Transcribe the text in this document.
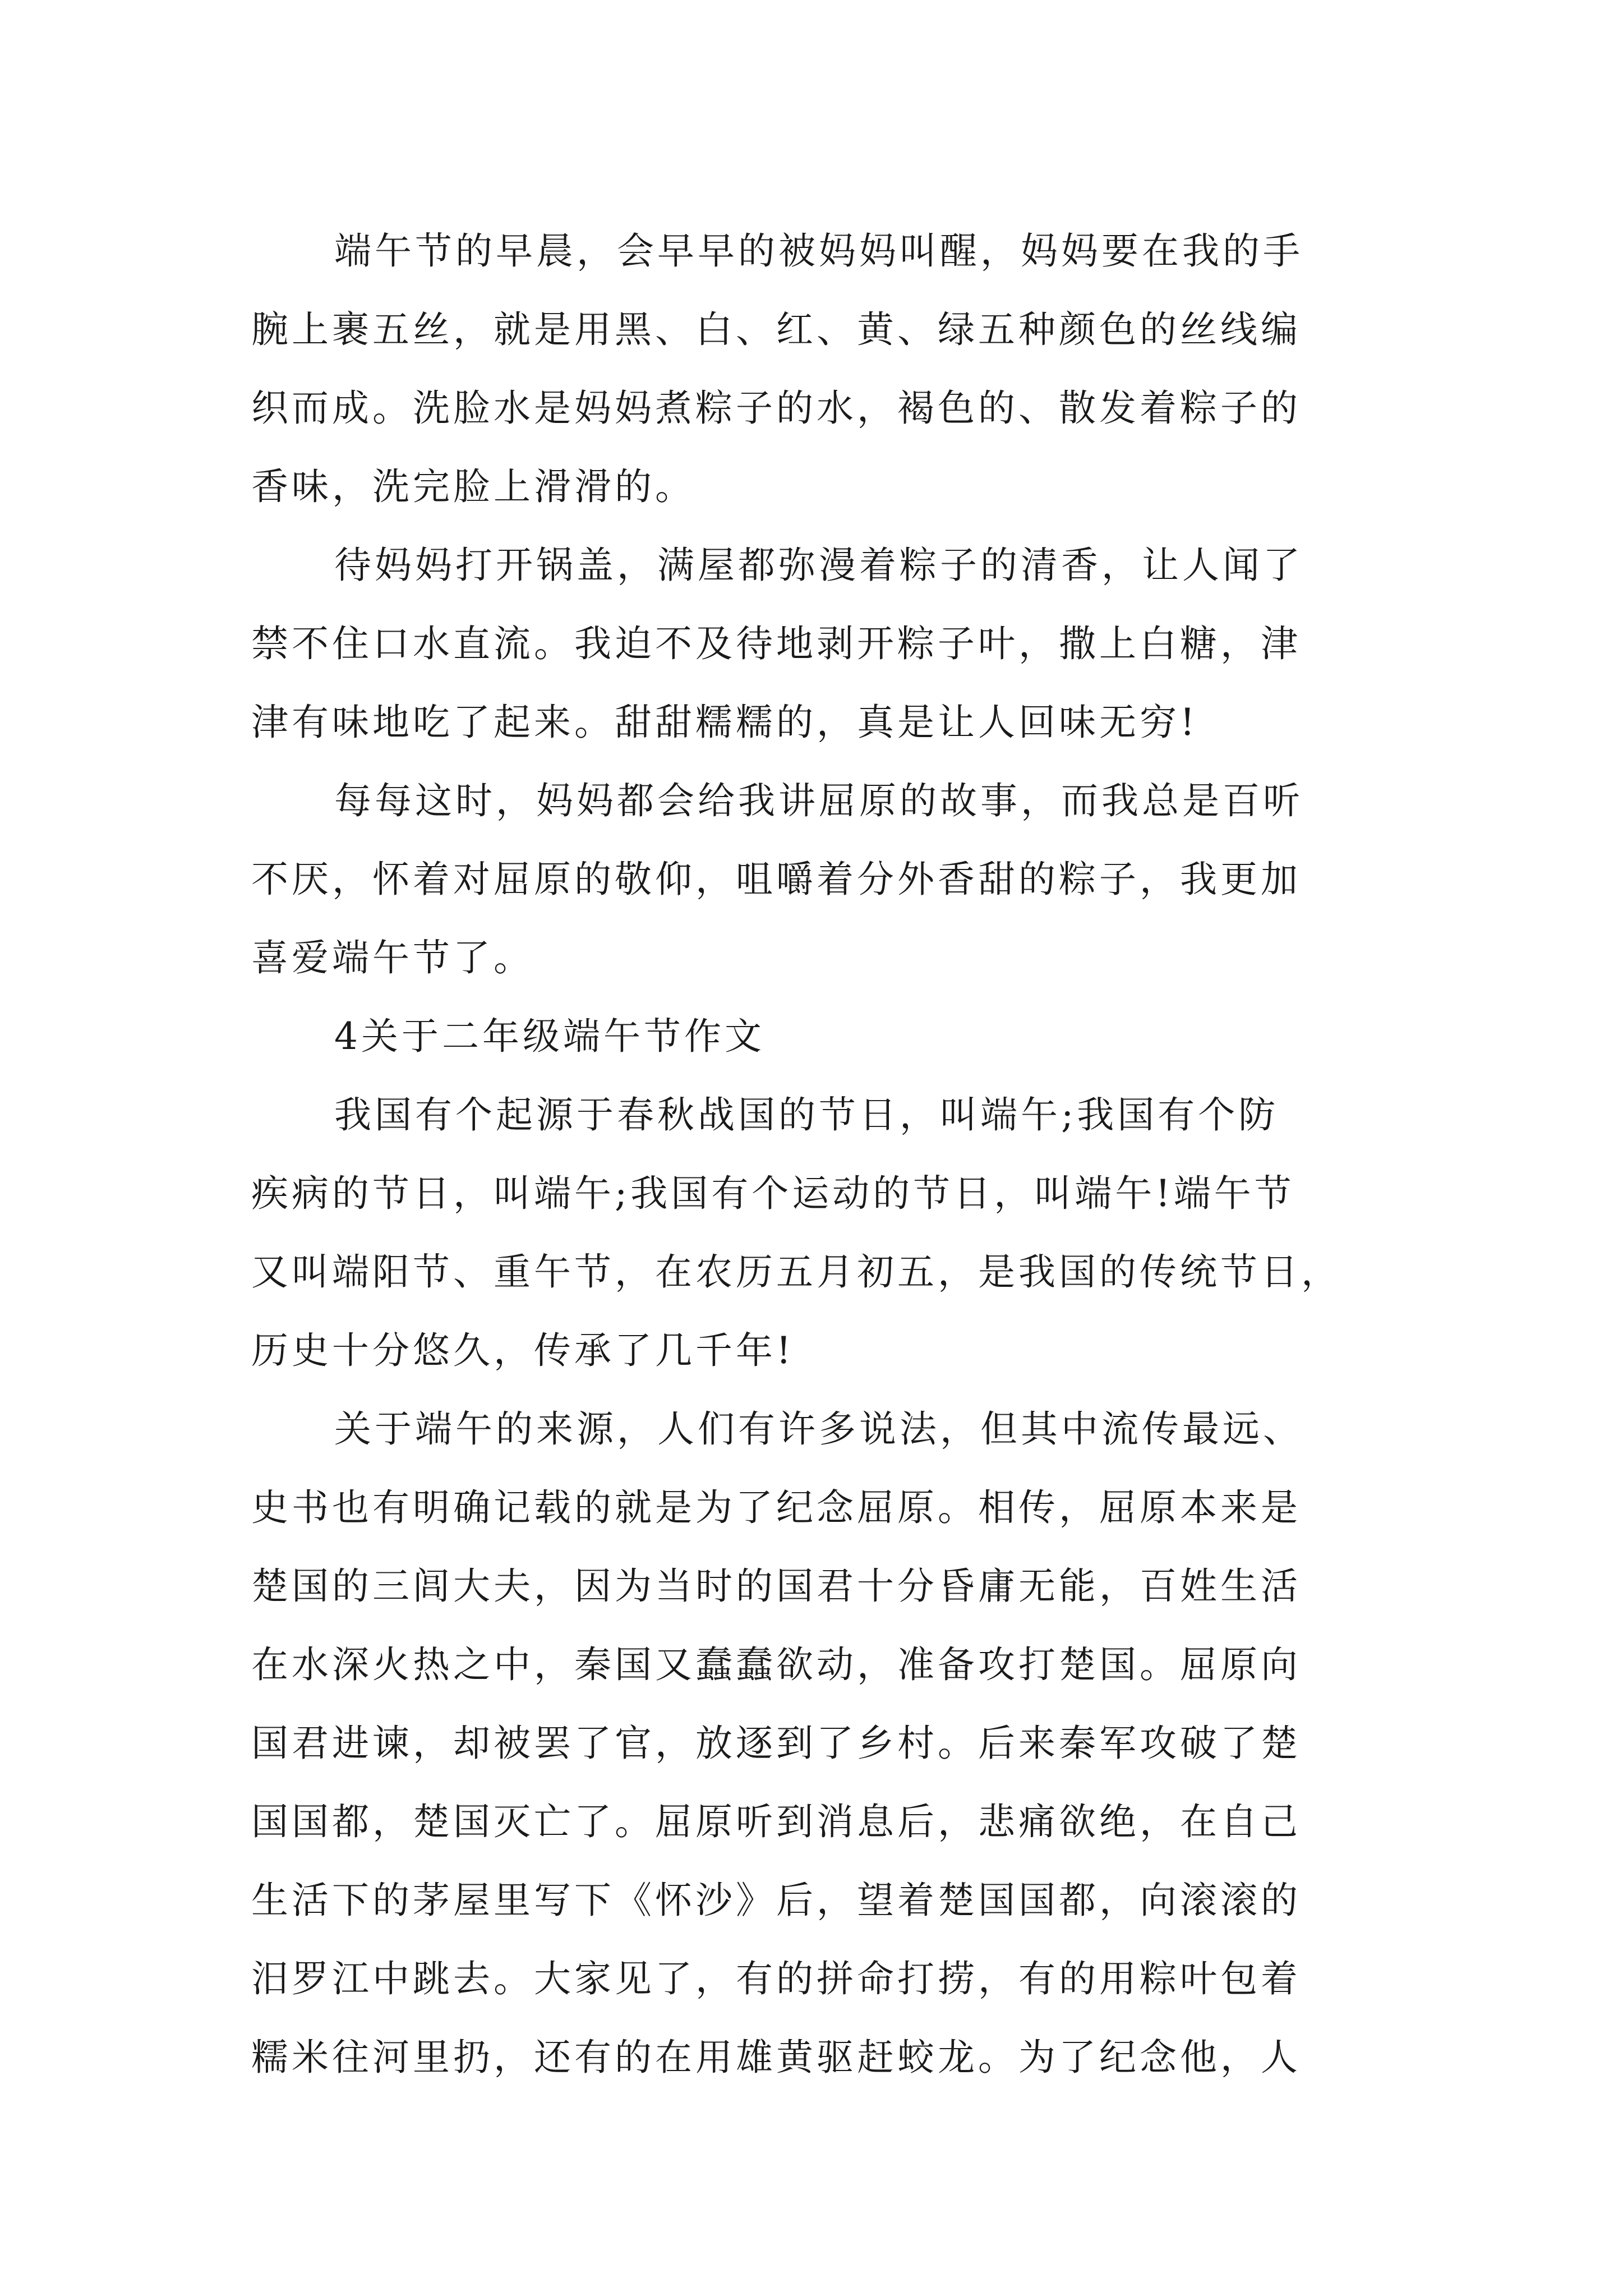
端午节的早晨，会早早的被妈妈叫醒，妈妈要在我的手
腕上裹五丝，就是用黑、白、红、黄、绿五种颜色的丝线编
织而成。洗脸水是妈妈煮粽子的水，褐色的、散发着粽子的
香味，洗完脸上滑滑的。
待妈妈打开锅盖，满屋都弥漫着粽子的清香，让人闻了
禁不住口水直流。我迫不及待地剥开粽子叶，撒上白糖，津
津有味地吃了起来。甜甜糯糯的，真是让人回味无穷!
每每这时，妈妈都会给我讲屈原的故事，而我总是百听
不厌，怀着对屈原的敬仰，咀嚼着分外香甜的粽子，我更加
喜爱端午节了。
4关于二年级端午节作文
我国有个起源于春秋战国的节日，叫端午;我国有个防
疾病的节日，叫端午;我国有个运动的节日，叫端午!端午节
又叫端阳节、重午节，在农历五月初五，是我国的传统节日，
历史十分悠久，传承了几千年!
关于端午的来源，人们有许多说法，但其中流传最远、
史书也有明确记载的就是为了纪念屈原。相传，屈原本来是
楚国的三闾大夫，因为当时的国君十分昏庸无能，百姓生活
在水深火热之中，秦国又蠢蠢欲动，准备攻打楚国。屈原向
国君进谏，却被罢了官，放逐到了乡村。后来秦军攻破了楚
国国都，楚国灭亡了。屈原听到消息后，悲痛欲绝，在自己
生活下的茅屋里写下《怀沙》后，望着楚国国都，向滚滚的
汨罗江中跳去。大家见了，有的拼命打捞，有的用粽叶包着
糯米往河里扔，还有的在用雄黄驱赶蛟龙。为了纪念他，人
